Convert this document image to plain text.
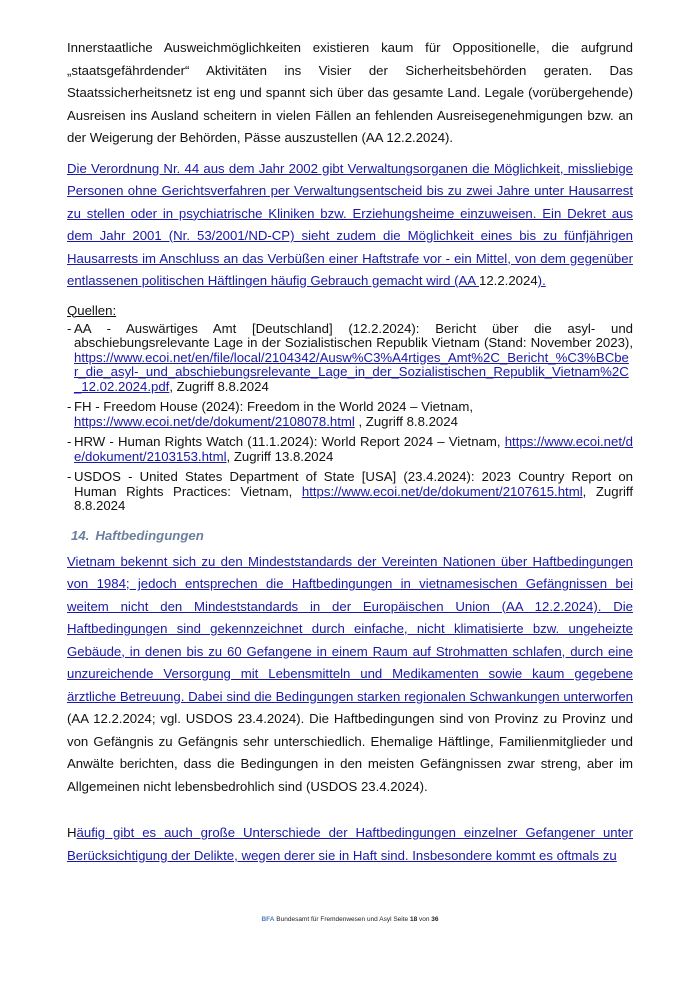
Innerstaatliche Ausweichmöglichkeiten existieren kaum für Oppositionelle, die aufgrund „staatsgefährdender“ Aktivitäten ins Visier der Sicherheitsbehörden geraten. Das Staatssicherheitsnetz ist eng und spannt sich über das gesamte Land. Legale (vorübergehende) Ausreisen ins Ausland scheitern in vielen Fällen an fehlenden Ausreisegenehmigungen bzw. an der Weigerung der Behörden, Pässe auszustellen (AA 12.2.2024).

Die Verordnung Nr. 44 aus dem Jahr 2002 gibt Verwaltungsorganen die Möglichkeit, missliebige Personen ohne Gerichtsverfahren per Verwaltungsentscheid bis zu zwei Jahre unter Hausarrest zu stellen oder in psychiatrische Kliniken bzw. Erziehungsheime einzuweisen. Ein Dekret aus dem Jahr 2001 (Nr. 53/2001/ND-CP) sieht zudem die Möglichkeit eines bis zu fünfjährigen Hausarrests im Anschluss an das Verbüßen einer Haftstrafe vor - ein Mittel, von dem gegenüber entlassenen politischen Häftlingen häufig Gebrauch gemacht wird (AA 12.2.2024).

Quellen:
- AA - Auswärtiges Amt [Deutschland] (12.2.2024): Bericht über die asyl- und abschiebungsrelevante Lage in der Sozialistischen Republik Vietnam (Stand: November 2023), https://www.ecoi.net/en/file/local/2104342/Ausw%C3%A4rtiges_Amt%2C_Bericht_%C3%BCber_die_asyl-_und_abschiebungsrelevante_Lage_in_der_Sozialistischen_Republik_Vietnam%2C_12.02.2024.pdf, Zugriff 8.8.2024
- FH - Freedom House (2024): Freedom in the World 2024 – Vietnam,
https://www.ecoi.net/de/dokument/2108078.html , Zugriff 8.8.2024
- HRW - Human Rights Watch (11.1.2024): World Report 2024 – Vietnam, https://www.ecoi.net/de/dokument/2103153.html, Zugriff 13.8.2024
- USDOS - United States Department of State [USA] (23.4.2024): 2023 Country Report on Human Rights Practices: Vietnam, https://www.ecoi.net/de/dokument/2107615.html, Zugriff 8.8.2024
14. Haftbedingungen

Vietnam bekennt sich zu den Mindeststandards der Vereinten Nationen über Haftbedingungen von 1984; jedoch entsprechen die Haftbedingungen in vietnamesischen Gefängnissen bei weitem nicht den Mindeststandards in der Europäischen Union (AA 12.2.2024). Die Haftbedingungen sind gekennzeichnet durch einfache, nicht klimatisierte bzw. ungeheizte Gebäude, in denen bis zu 60 Gefangene in einem Raum auf Strohmatten schlafen, durch eine unzureichende Versorgung mit Lebensmitteln und Medikamenten sowie kaum gegebene ärztliche Betreuung. Dabei sind die Bedingungen starken regionalen Schwankungen unterworfen (AA 12.2.2024; vgl. USDOS 23.4.2024). Die Haftbedingungen sind von Provinz zu Provinz und von Gefängnis zu Gefängnis sehr unterschiedlich. Ehemalige Häftlinge, Familienmitglieder und Anwälte berichten, dass die Bedingungen in den meisten Gefängnissen zwar streng, aber im Allgemeinen nicht lebensbedrohlich sind (USDOS 23.4.2024).

Häufig gibt es auch große Unterschiede der Haftbedingungen einzelner Gefangener unter Berücksichtigung der Delikte, wegen derer sie in Haft sind. Insbesondere kommt es oftmals zu

BFA Bundesamt für Fremdenwesen und Asyl Seite 18 von 36
